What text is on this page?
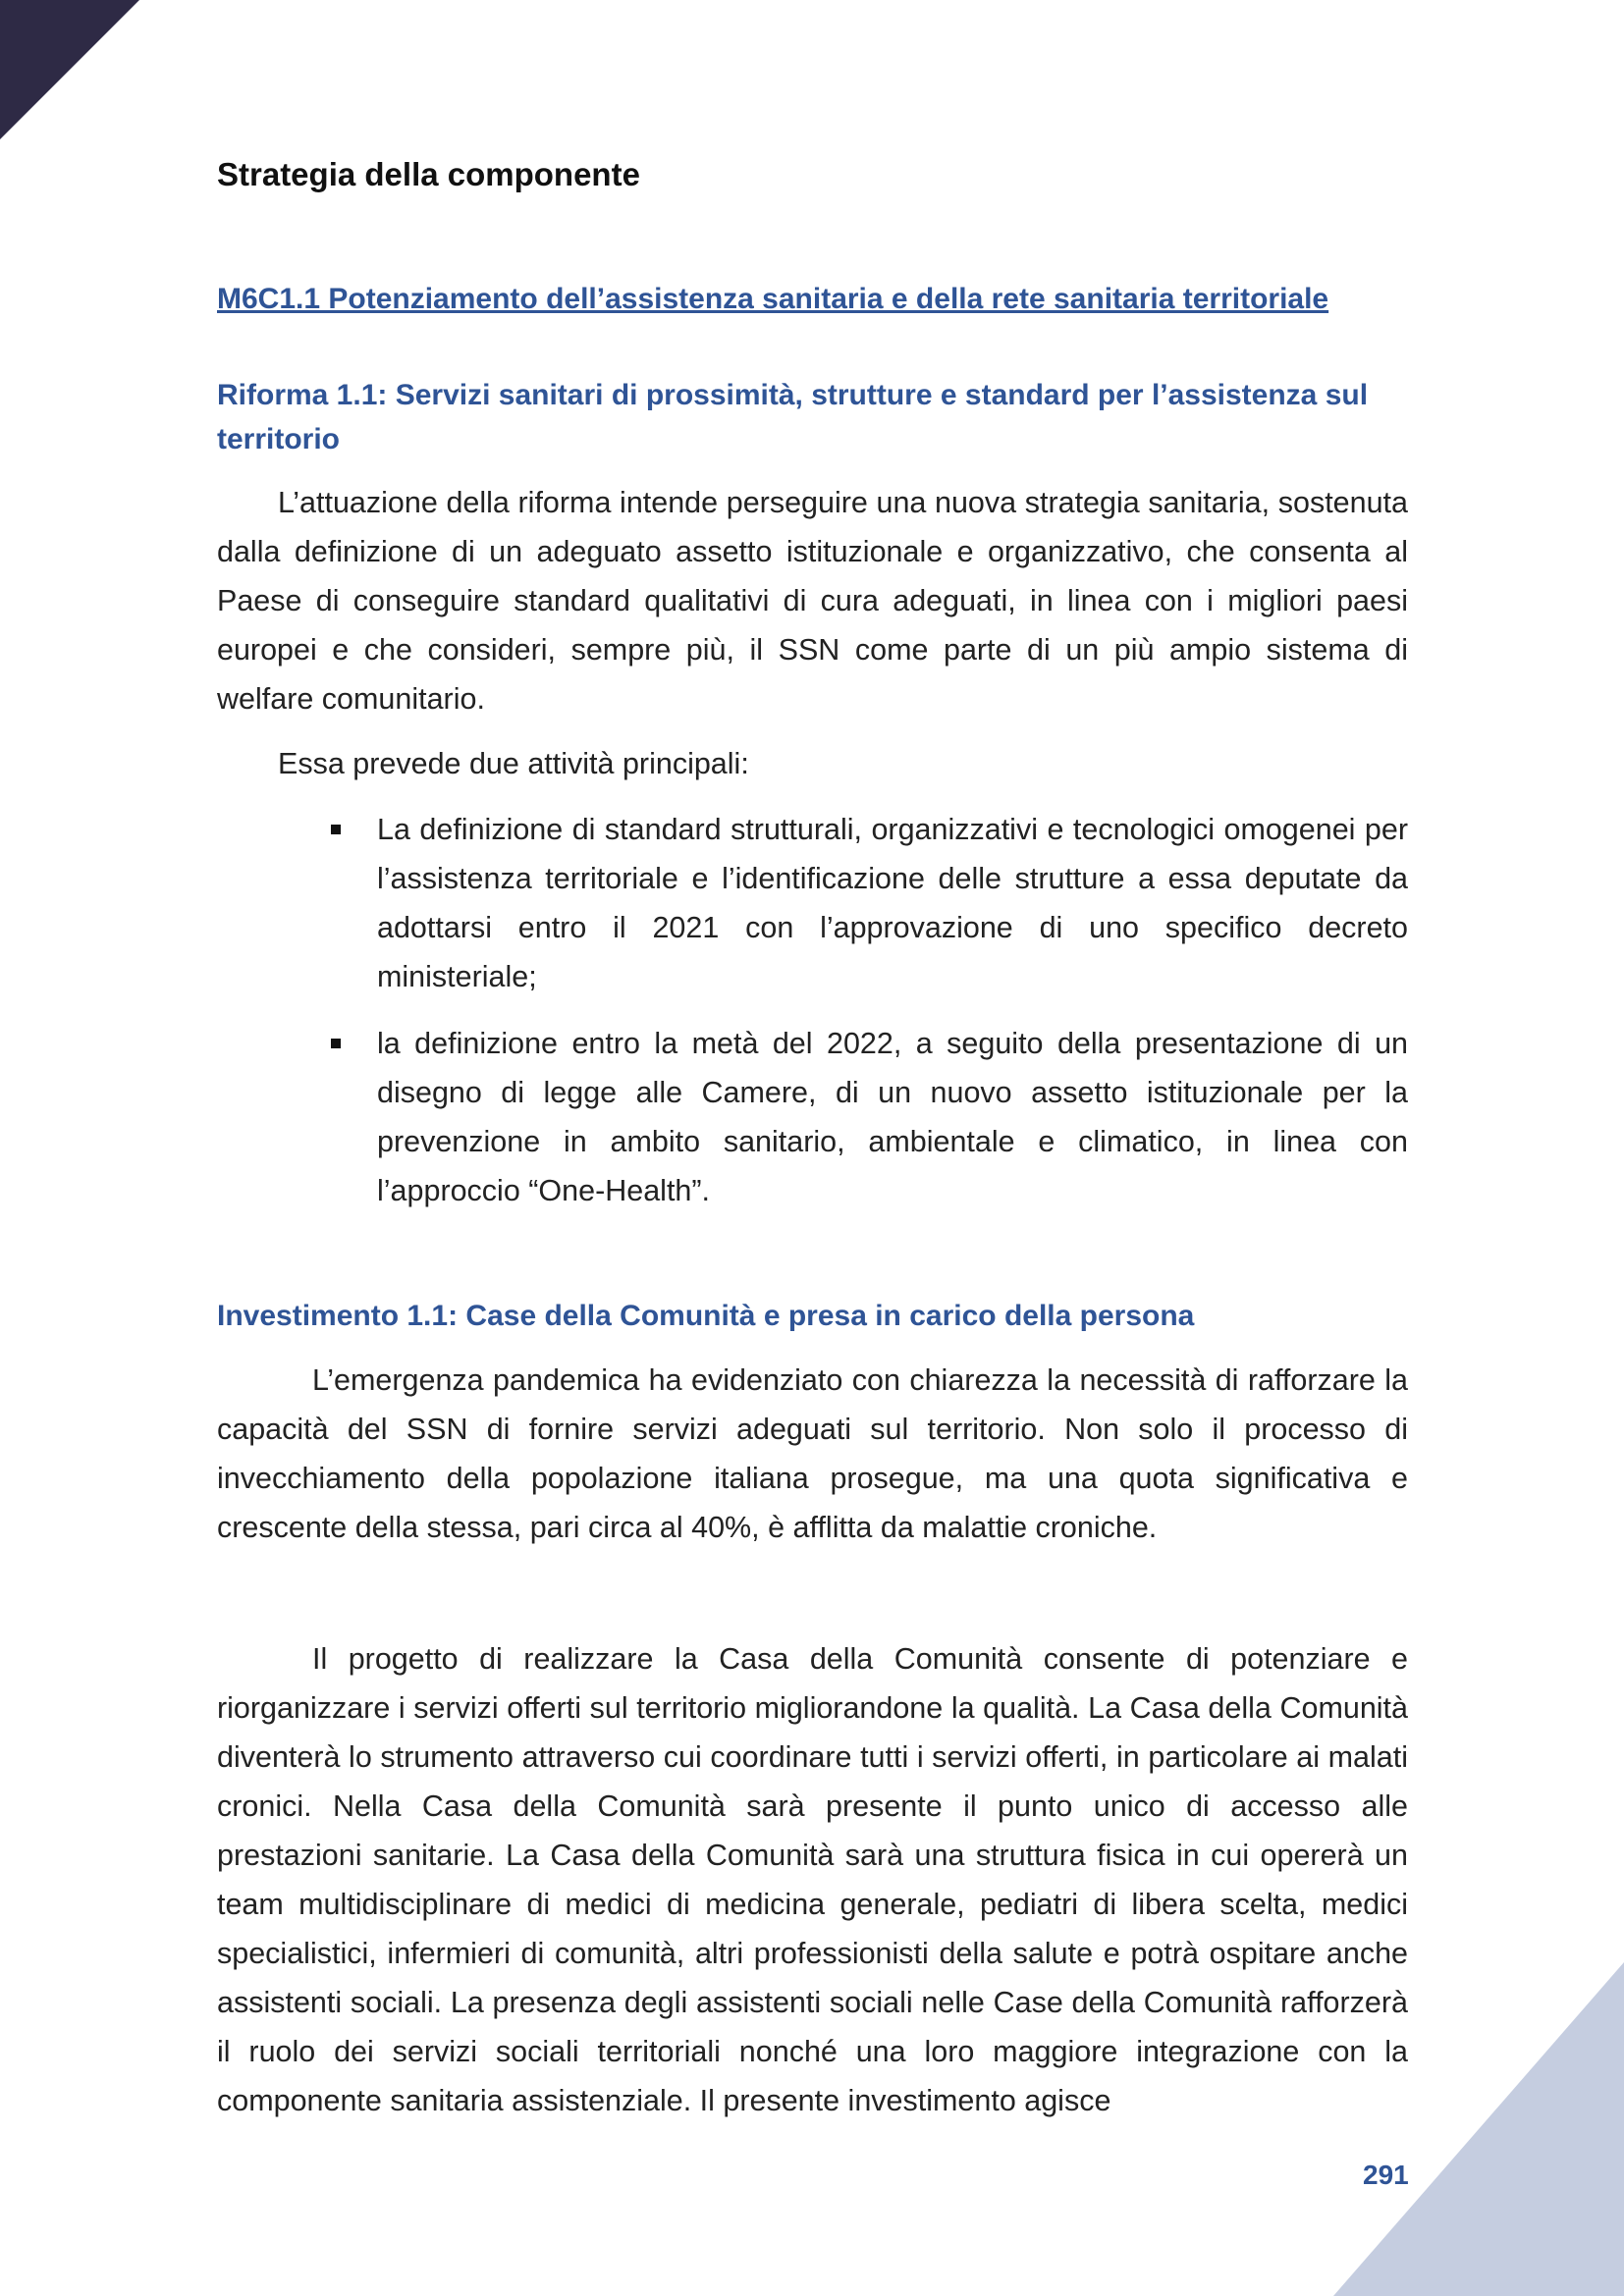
Strategia della componente
M6C1.1 Potenziamento dell’assistenza sanitaria e della rete sanitaria territoriale
Riforma 1.1: Servizi sanitari di prossimità, strutture e standard per l’assistenza sul territorio

L’attuazione della riforma intende perseguire una nuova strategia sanitaria, sostenuta dalla definizione di un adeguato assetto istituzionale e organizzativo, che consenta al Paese di conseguire standard qualitativi di cura adeguati, in linea con i migliori paesi europei e che consideri, sempre più, il SSN come parte di un più ampio sistema di welfare comunitario.

Essa prevede due attività principali:

La definizione di standard strutturali, organizzativi e tecnologici omogenei per l’assistenza territoriale e l’identificazione delle strutture a essa deputate da adottarsi entro il 2021 con l’approvazione di uno specifico decreto ministeriale;
la definizione entro la metà del 2022, a seguito della presentazione di un disegno di legge alle Camere, di un nuovo assetto istituzionale per la prevenzione in ambito sanitario, ambientale e climatico, in linea con l’approccio “One-Health”.
Investimento 1.1: Case della Comunità e presa in carico della persona

L’emergenza pandemica ha evidenziato con chiarezza la necessità di rafforzare la capacità del SSN di fornire servizi adeguati sul territorio. Non solo il processo di invecchiamento della popolazione italiana prosegue, ma una quota significativa e crescente della stessa, pari circa al 40%, è afflitta da malattie croniche.

Il progetto di realizzare la Casa della Comunità consente di potenziare e riorganizzare i servizi offerti sul territorio migliorandone la qualità. La Casa della Comunità diventerà lo strumento attraverso cui coordinare tutti i servizi offerti, in particolare ai malati cronici. Nella Casa della Comunità sarà presente il punto unico di accesso alle prestazioni sanitarie. La Casa della Comunità sarà una struttura fisica in cui opererà un team multidisciplinare di medici di medicina generale, pediatri di libera scelta, medici specialistici, infermieri di comunità, altri professionisti della salute e potrà ospitare anche assistenti sociali. La presenza degli assistenti sociali nelle Case della Comunità rafforzerà il ruolo dei servizi sociali territoriali nonché una loro maggiore integrazione con la componente sanitaria assistenziale. Il presente investimento agisce

291
